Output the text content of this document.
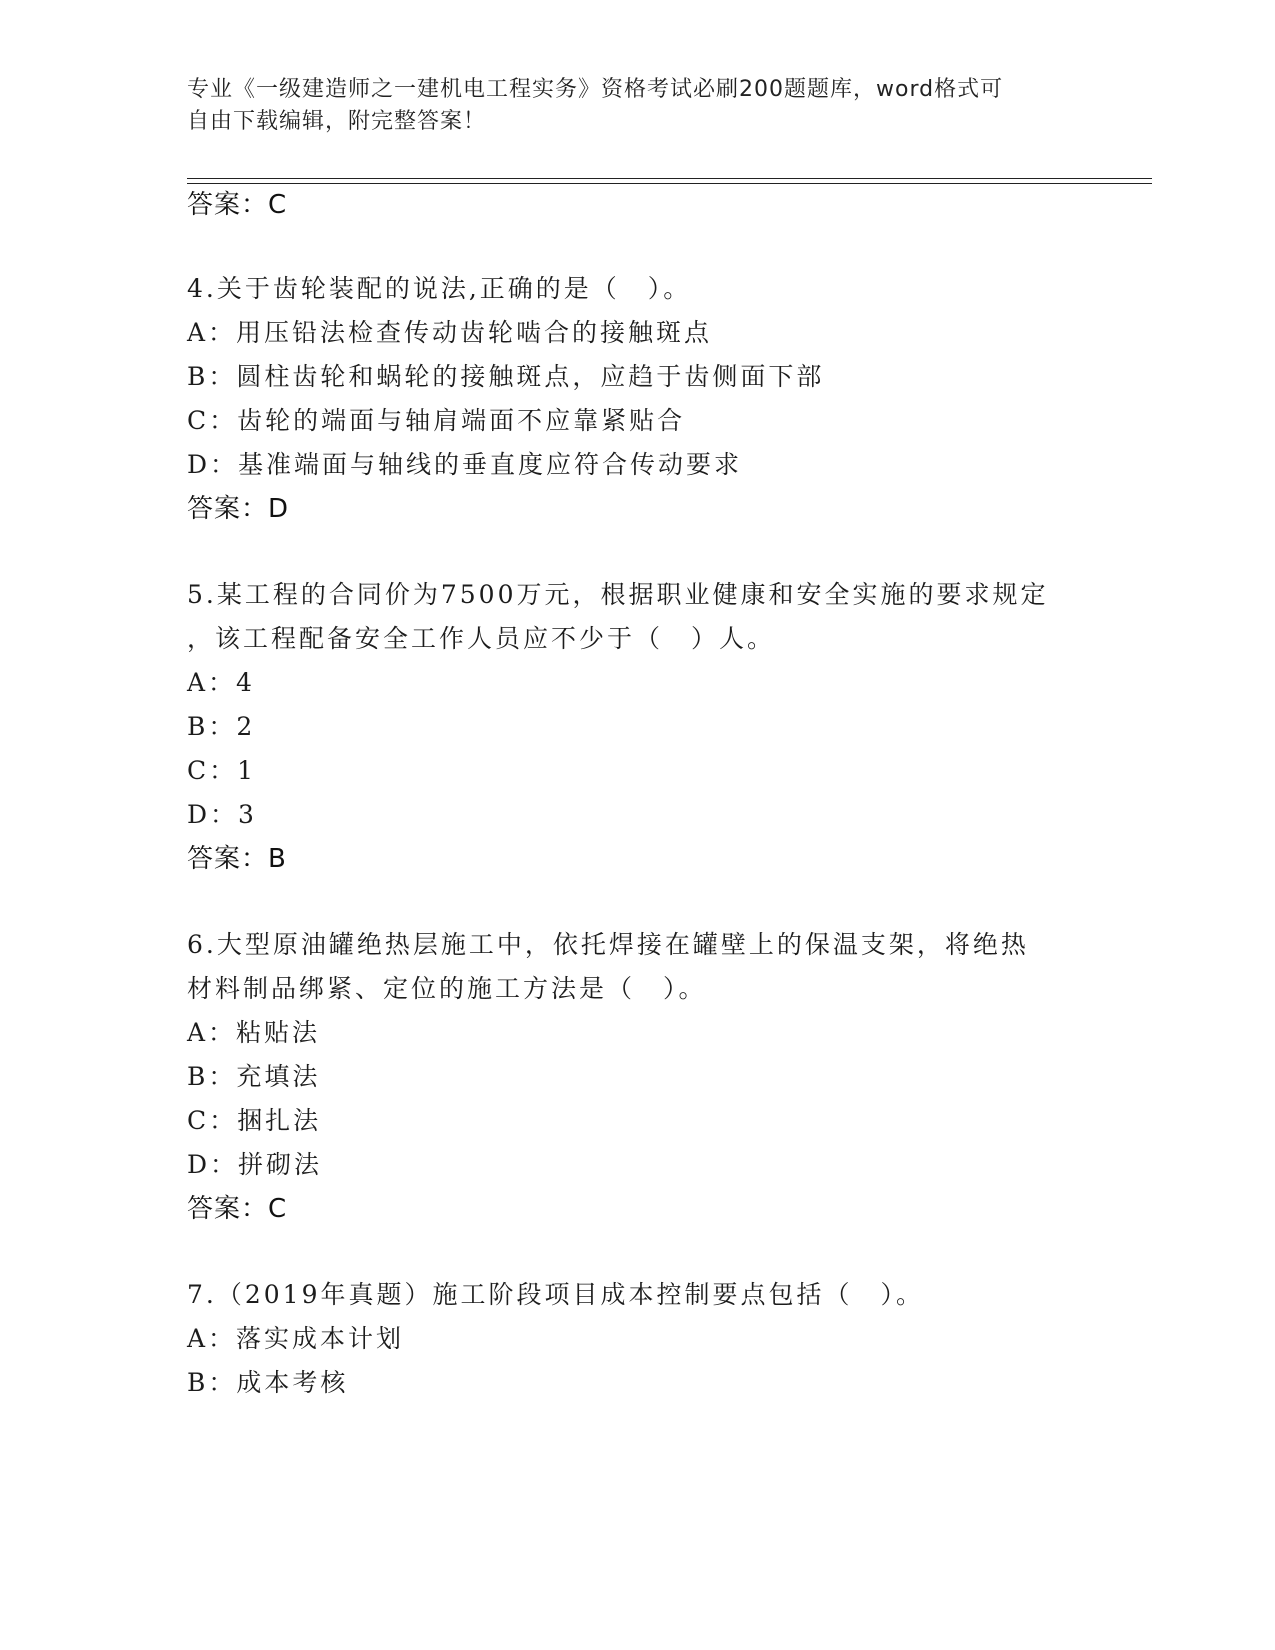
专业《一级建造师之一建机电工程实务》资格考试必刷200题题库，word格式可
自由下载编辑，附完整答案！
答案：C
4.关于齿轮装配的说法,正确的是（　）。
A：用压铅法检查传动齿轮啮合的接触斑点
B：圆柱齿轮和蜗轮的接触斑点，应趋于齿侧面下部
C：齿轮的端面与轴肩端面不应靠紧贴合
D：基准端面与轴线的垂直度应符合传动要求
答案：D
5.某工程的合同价为7500万元，根据职业健康和安全实施的要求规定
，该工程配备安全工作人员应不少于（　）人。
A：4
B：2
C：1
D：3
答案：B
6.大型原油罐绝热层施工中，依托焊接在罐壁上的保温支架，将绝热
材料制品绑紧、定位的施工方法是（　）。
A：粘贴法
B：充填法
C：捆扎法
D：拼砌法
答案：C
7.（2019年真题）施工阶段项目成本控制要点包括（　）。
A：落实成本计划
B：成本考核
